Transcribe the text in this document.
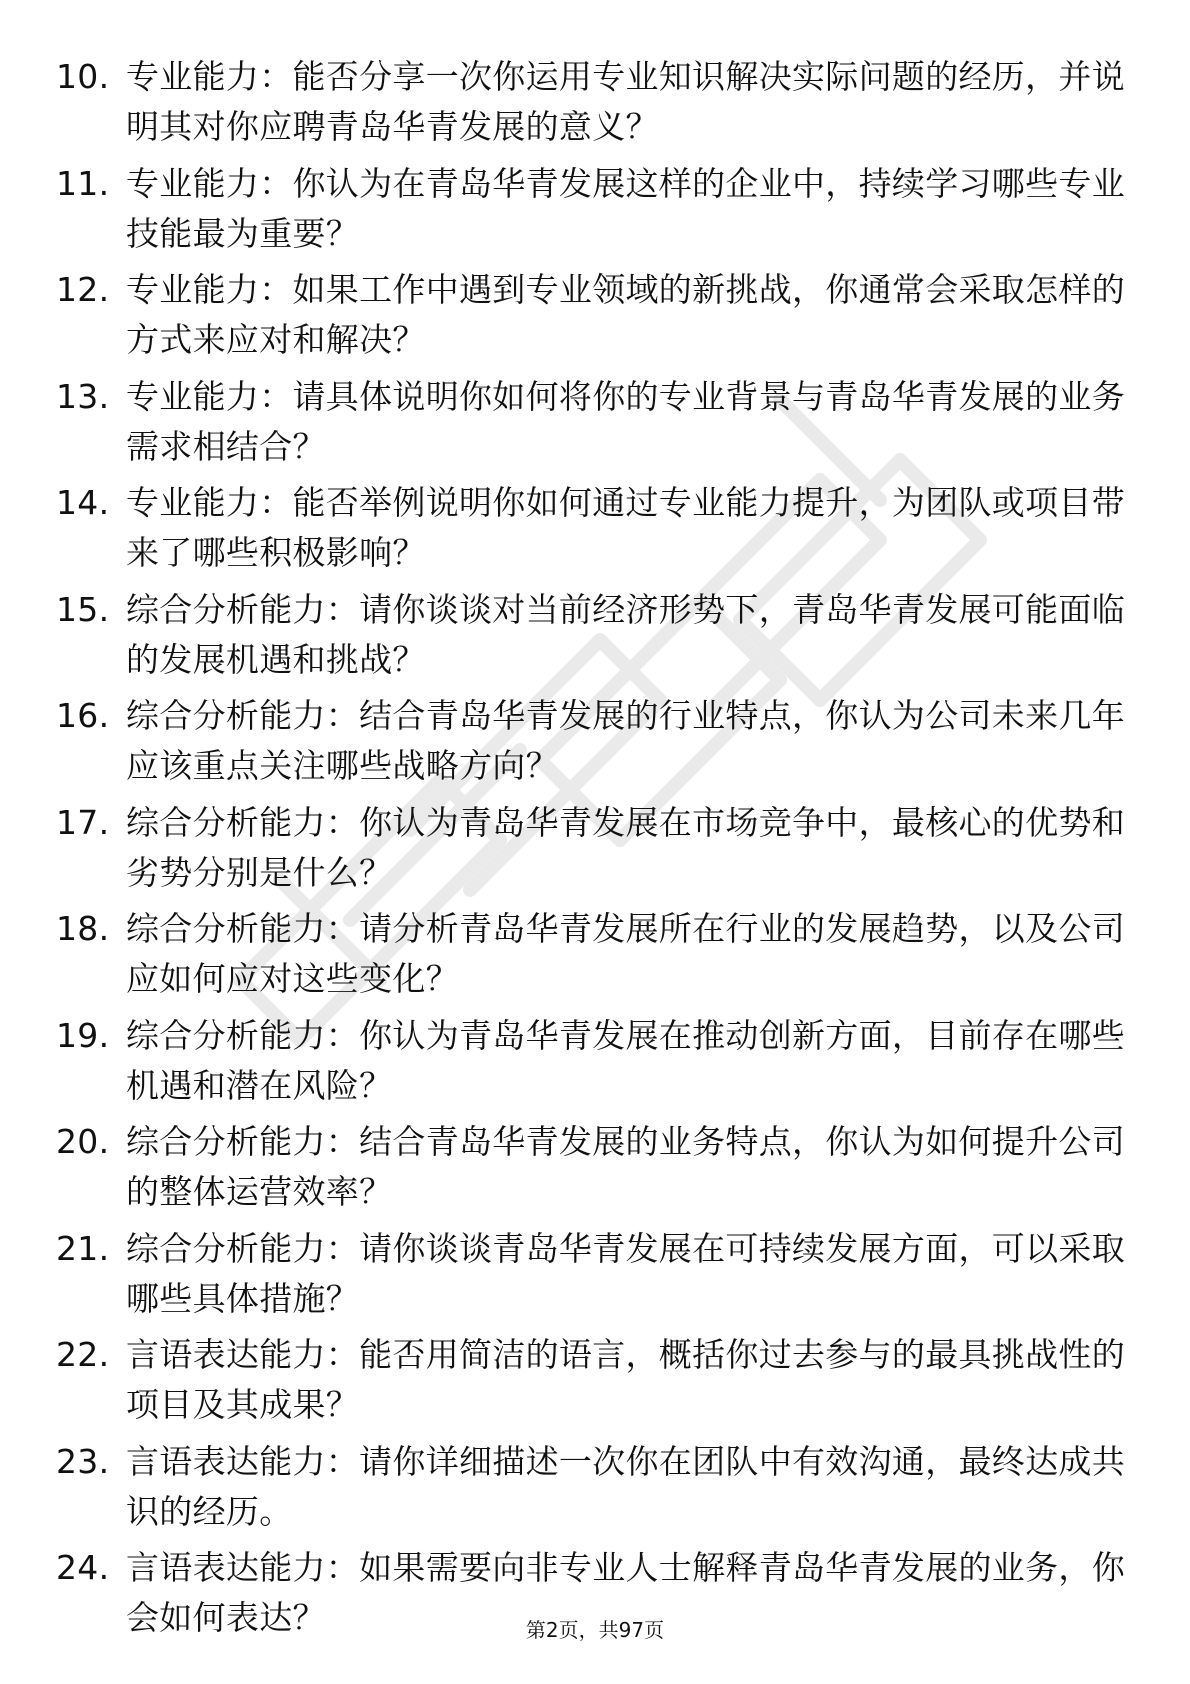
10. 专业能力：能否分享一次你运用专业知识解决实际问题的经历，并说明其对你应聘青岛华青发展的意义？
11. 专业能力：你认为在青岛华青发展这样的企业中，持续学习哪些专业技能最为重要？
12. 专业能力：如果工作中遇到专业领域的新挑战，你通常会采取怎样的方式来应对和解决？
13. 专业能力：请具体说明你如何将你的专业背景与青岛华青发展的业务需求相结合？
14. 专业能力：能否举例说明你如何通过专业能力提升，为团队或项目带来了哪些积极影响？
15. 综合分析能力：请你谈谈对当前经济形势下，青岛华青发展可能面临的发展机遇和挑战？
16. 综合分析能力：结合青岛华青发展的行业特点，你认为公司未来几年应该重点关注哪些战略方向？
17. 综合分析能力：你认为青岛华青发展在市场竞争中，最核心的优势和劣势分别是什么？
18. 综合分析能力：请分析青岛华青发展所在行业的发展趋势，以及公司应如何应对这些变化？
19. 综合分析能力：你认为青岛华青发展在推动创新方面，目前存在哪些机遇和潜在风险？
20. 综合分析能力：结合青岛华青发展的业务特点，你认为如何提升公司的整体运营效率？
21. 综合分析能力：请你谈谈青岛华青发展在可持续发展方面，可以采取哪些具体措施？
22. 言语表达能力：能否用简洁的语言，概括你过去参与的最具挑战性的项目及其成果？
23. 言语表达能力：请你详细描述一次你在团队中有效沟通，最终达成共识的经历。
24. 言语表达能力：如果需要向非专业人士解释青岛华青发展的业务，你会如何表达？	第2页，共97页
